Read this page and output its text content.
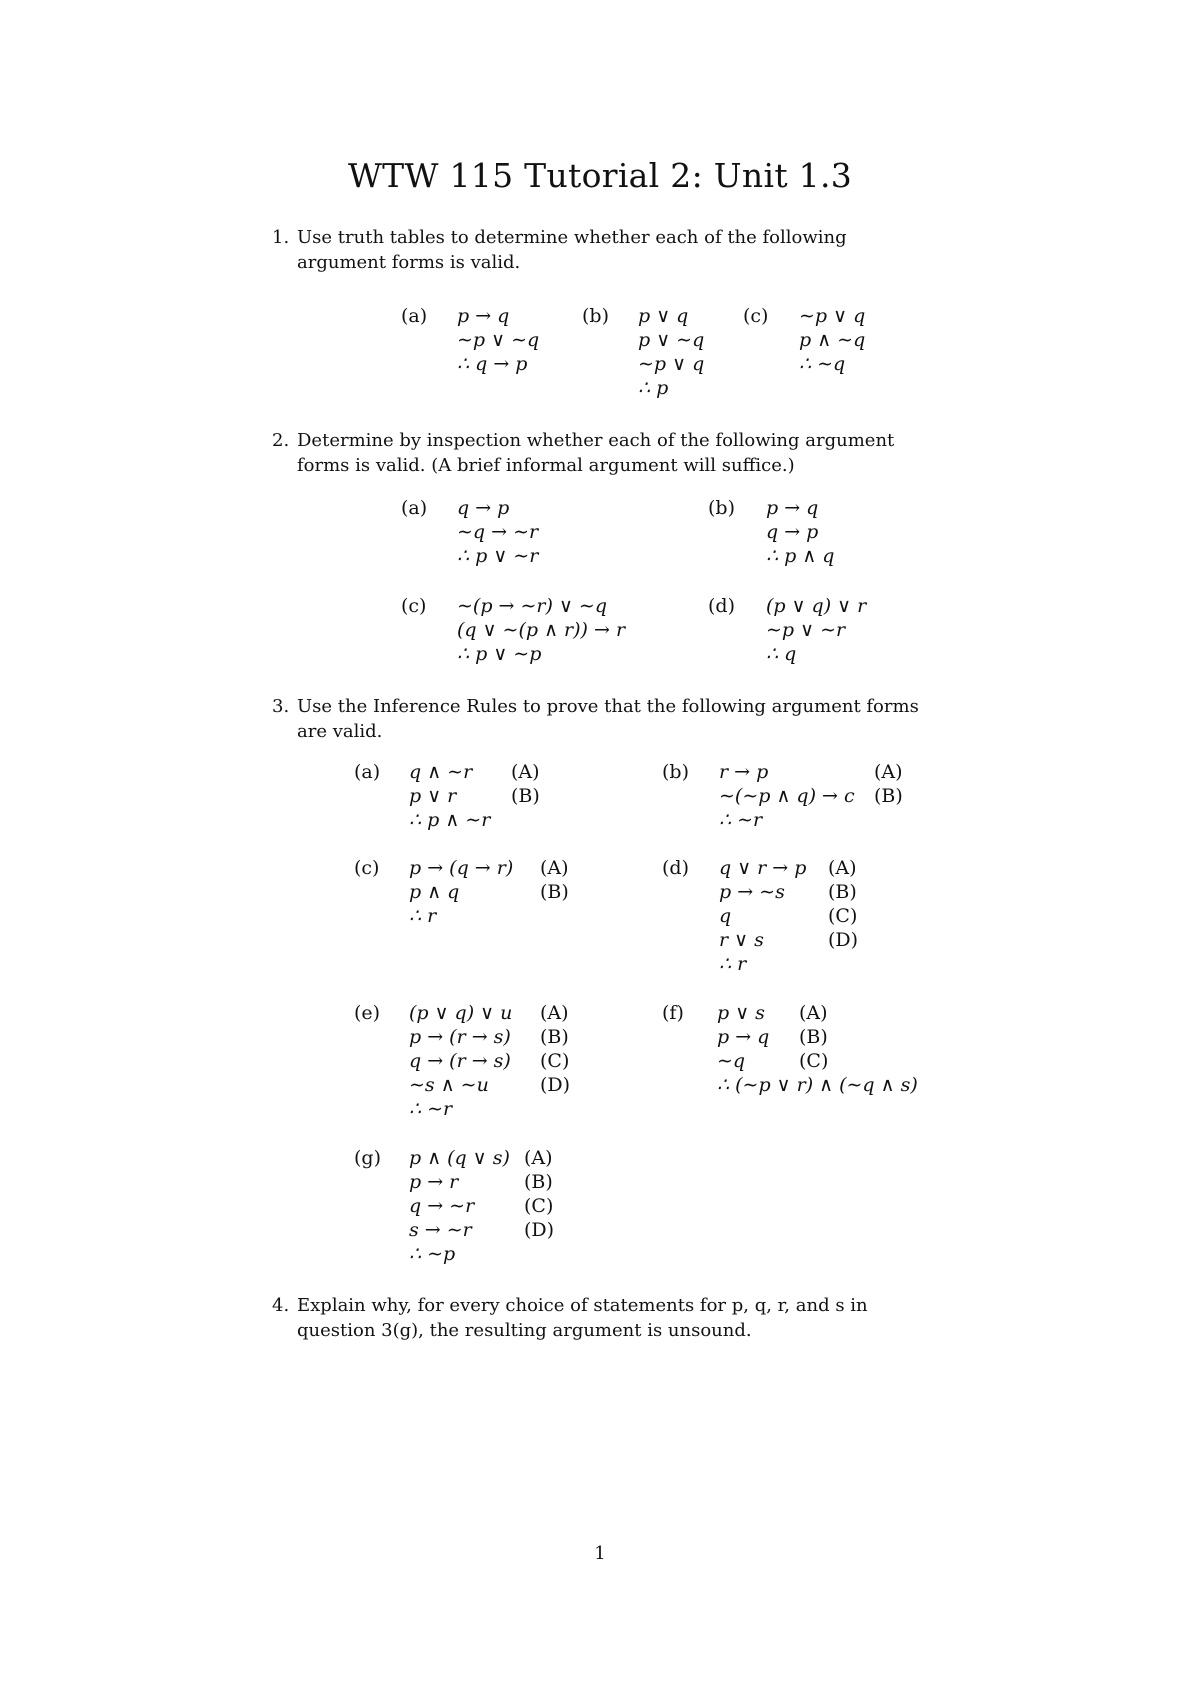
WTW 115 Tutorial 2: Unit 1.3
1. Use truth tables to determine whether each of the following argument forms is valid.
(a) p → q
∼p ∨ ∼q
∴ q → p
(b) p ∨ q
p ∨ ∼q
∼p ∨ q
∴ p
(c) ∼p ∨ q
p ∧ ∼q
∴ ∼q
2. Determine by inspection whether each of the following argument forms is valid. (A brief informal argument will suffice.)
(a) q → p
∼q → ∼r
∴ p ∨ ∼r
(b) p → q
q → p
∴ p ∧ q
(c) ∼(p → ∼r) ∨ ∼q
(q ∨ ∼(p ∧ r)) → r
∴ p ∨ ∼p
(d) (p ∨ q) ∨ r
∼p ∨ ∼r
∴ q
3. Use the Inference Rules to prove that the following argument forms are valid.
(a) q ∧ ∼r
p ∨ r
∴ p ∧ ∼r
(A)
(B)
(b) r → p
∼(∼p ∧ q) → c
∴ ∼r
(A)
(B)
(c) p → (q → r)
p ∧ q
∴ r
(A)
(B)
(d) q ∨ r → p
p → ∼s
q
r ∨ s
∴ r
(A)
(B)
(C)
(D)
(e) (p ∨ q) ∨ u
p → (r → s)
q → (r → s)
∼s ∧ ∼u
∴ ∼r
(A)
(B)
(C)
(D)
(f) p ∨ s
p → q
∼q
∴ (∼p ∨ r) ∧ (∼q ∧ s)
(A)
(B)
(C)
(g) p ∧ (q ∨ s)
p → r
q → ∼r
s → ∼r
∴ ∼p
(A)
(B)
(C)
(D)
4. Explain why, for every choice of statements for p, q, r, and s in question 3(g), the resulting argument is unsound.
1
